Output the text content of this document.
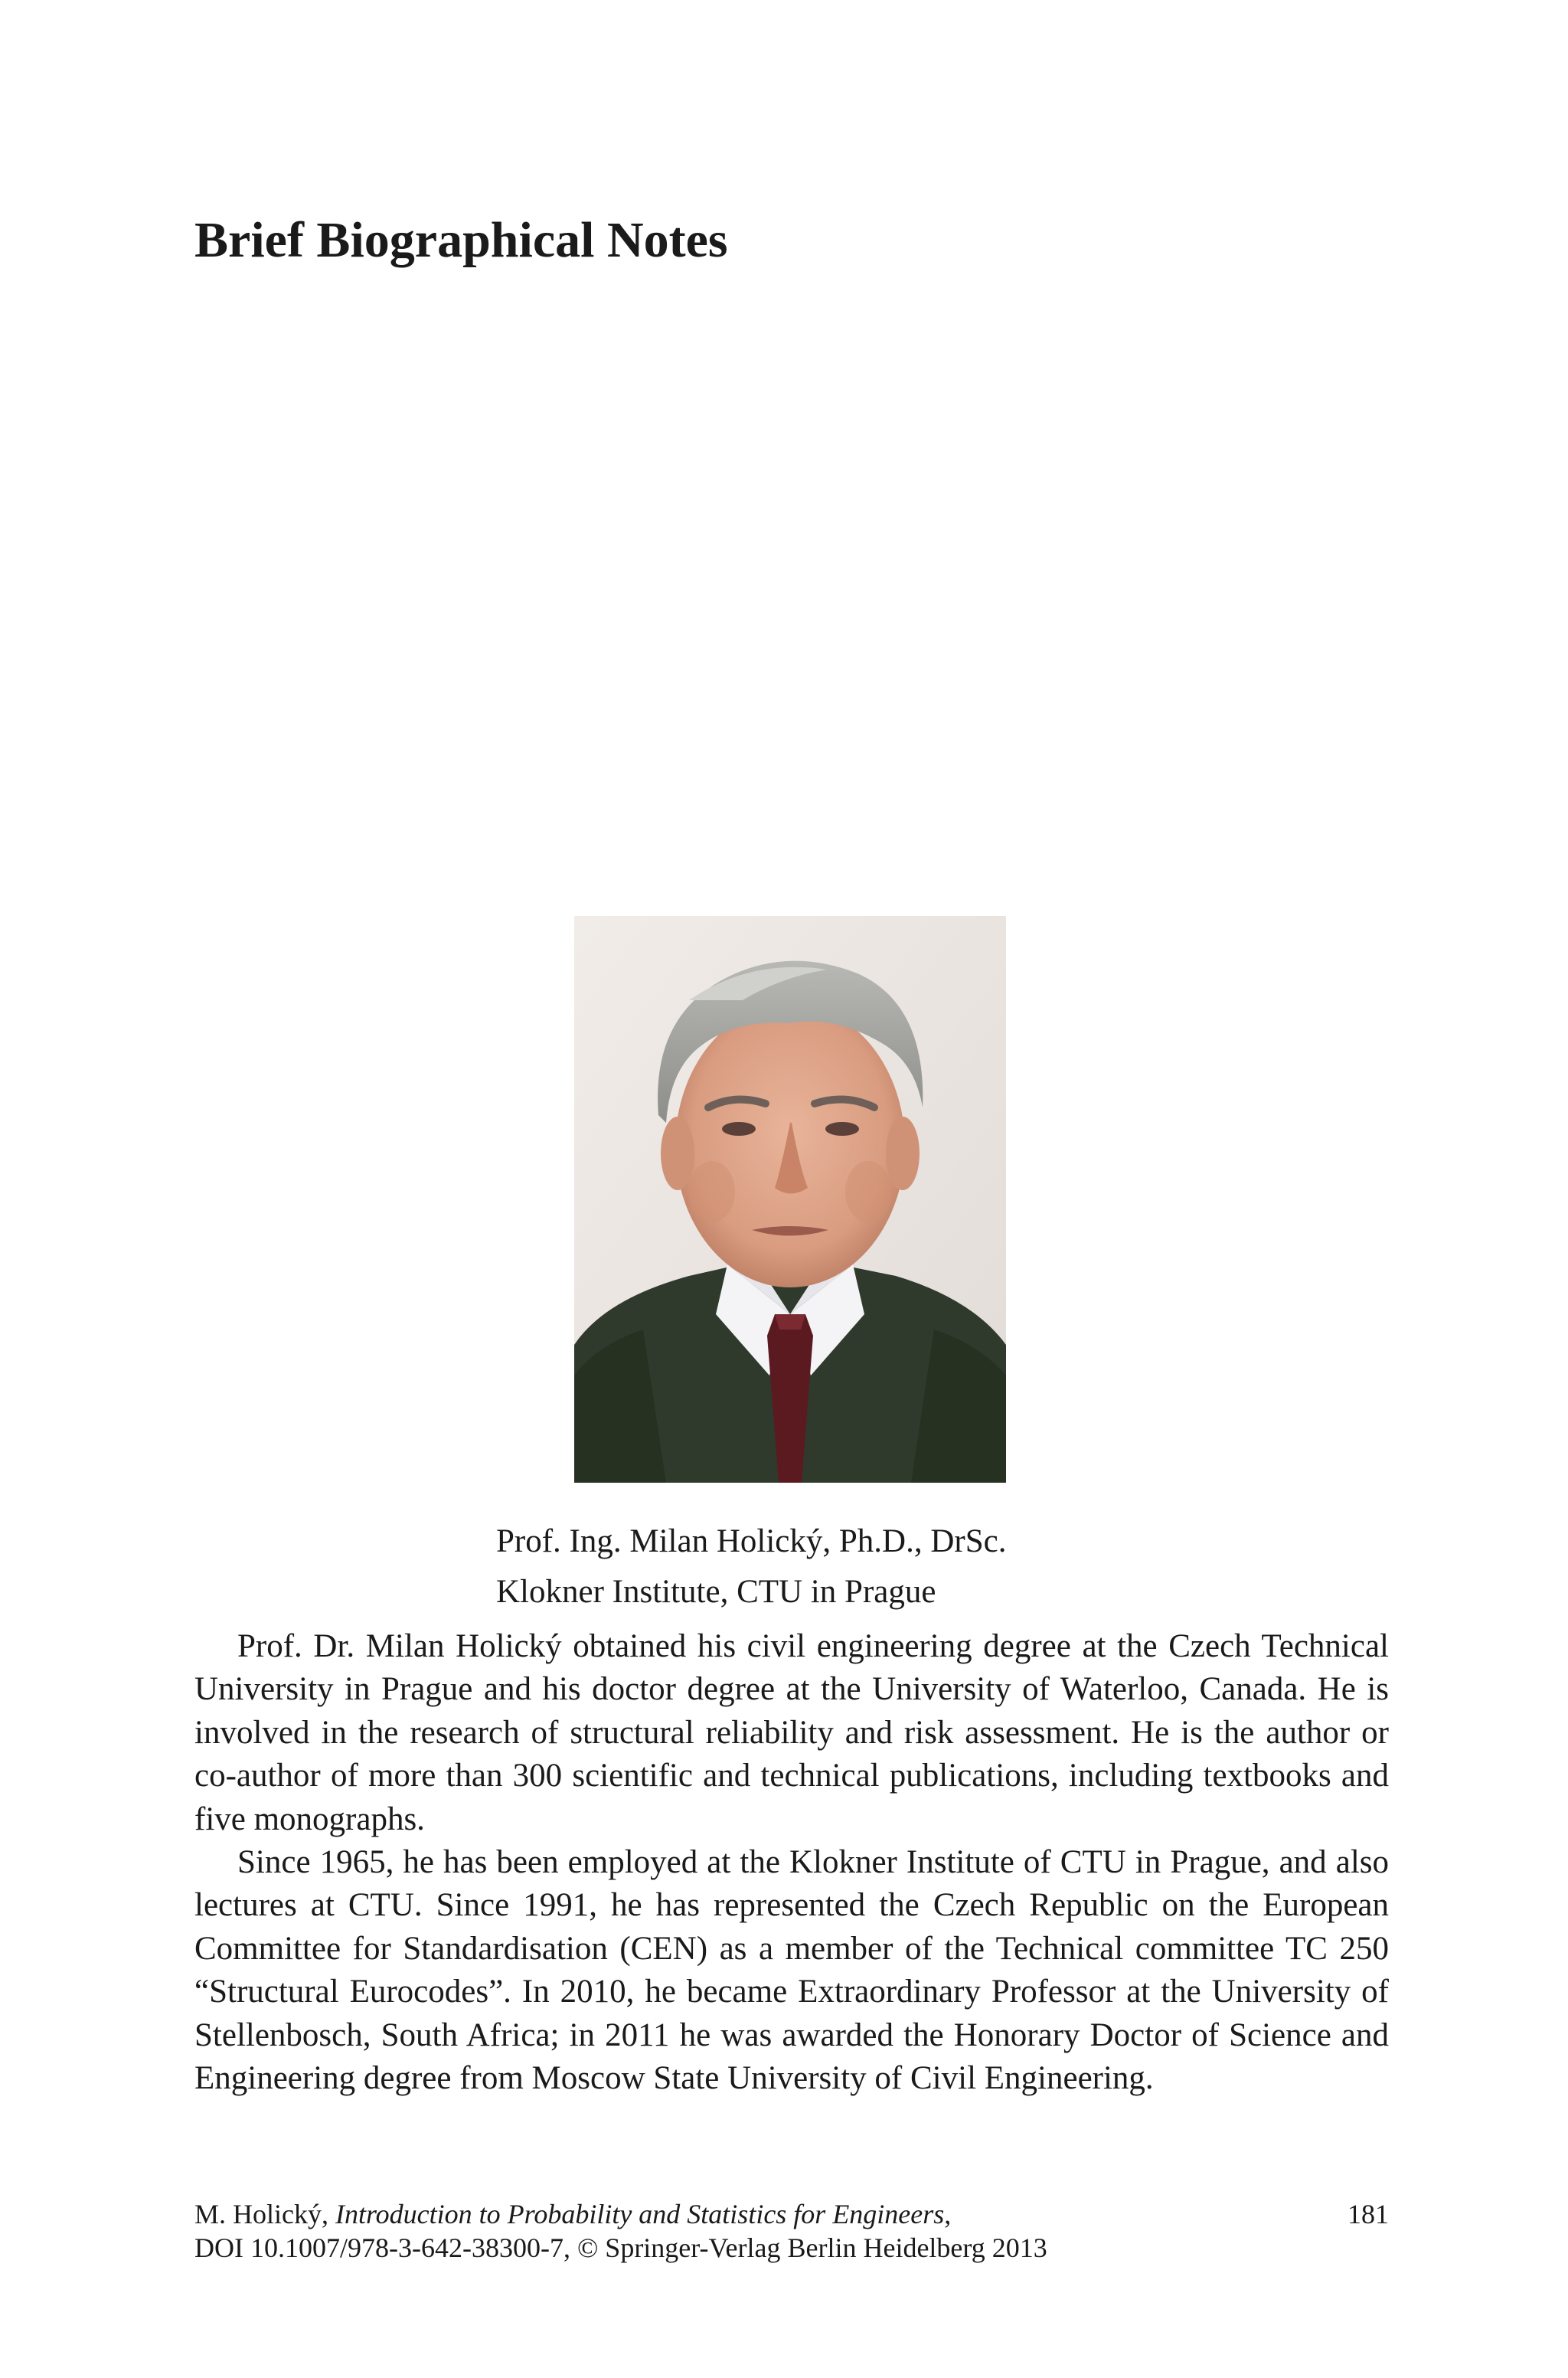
Brief Biographical Notes
Prof. Ing. Milan Holický, Ph.D., DrSc.
Klokner Institute, CTU in Prague

Prof. Dr. Milan Holický obtained his civil engineering degree at the Czech Technical University in Prague and his doctor degree at the University of Waterloo, Canada. He is involved in the research of structural reliability and risk assessment. He is the author or co-author of more than 300 scientific and technical publications, including textbooks and five monographs.

Since 1965, he has been employed at the Klokner Institute of CTU in Prague, and also lectures at CTU. Since 1991, he has represented the Czech Republic on the European Committee for Standardisation (CEN) as a member of the Technical committee TC 250 “Structural Eurocodes”. In 2010, he became Extraordinary Professor at the University of Stellenbosch, South Africa; in 2011 he was awarded the Honorary Doctor of Science and Engineering degree from Moscow State University of Civil Engineering.

M. Holický, Introduction to Probability and Statistics for Engineers,
DOI 10.1007/978-3-642-38300-7, © Springer-Verlag Berlin Heidelberg 2013
181
